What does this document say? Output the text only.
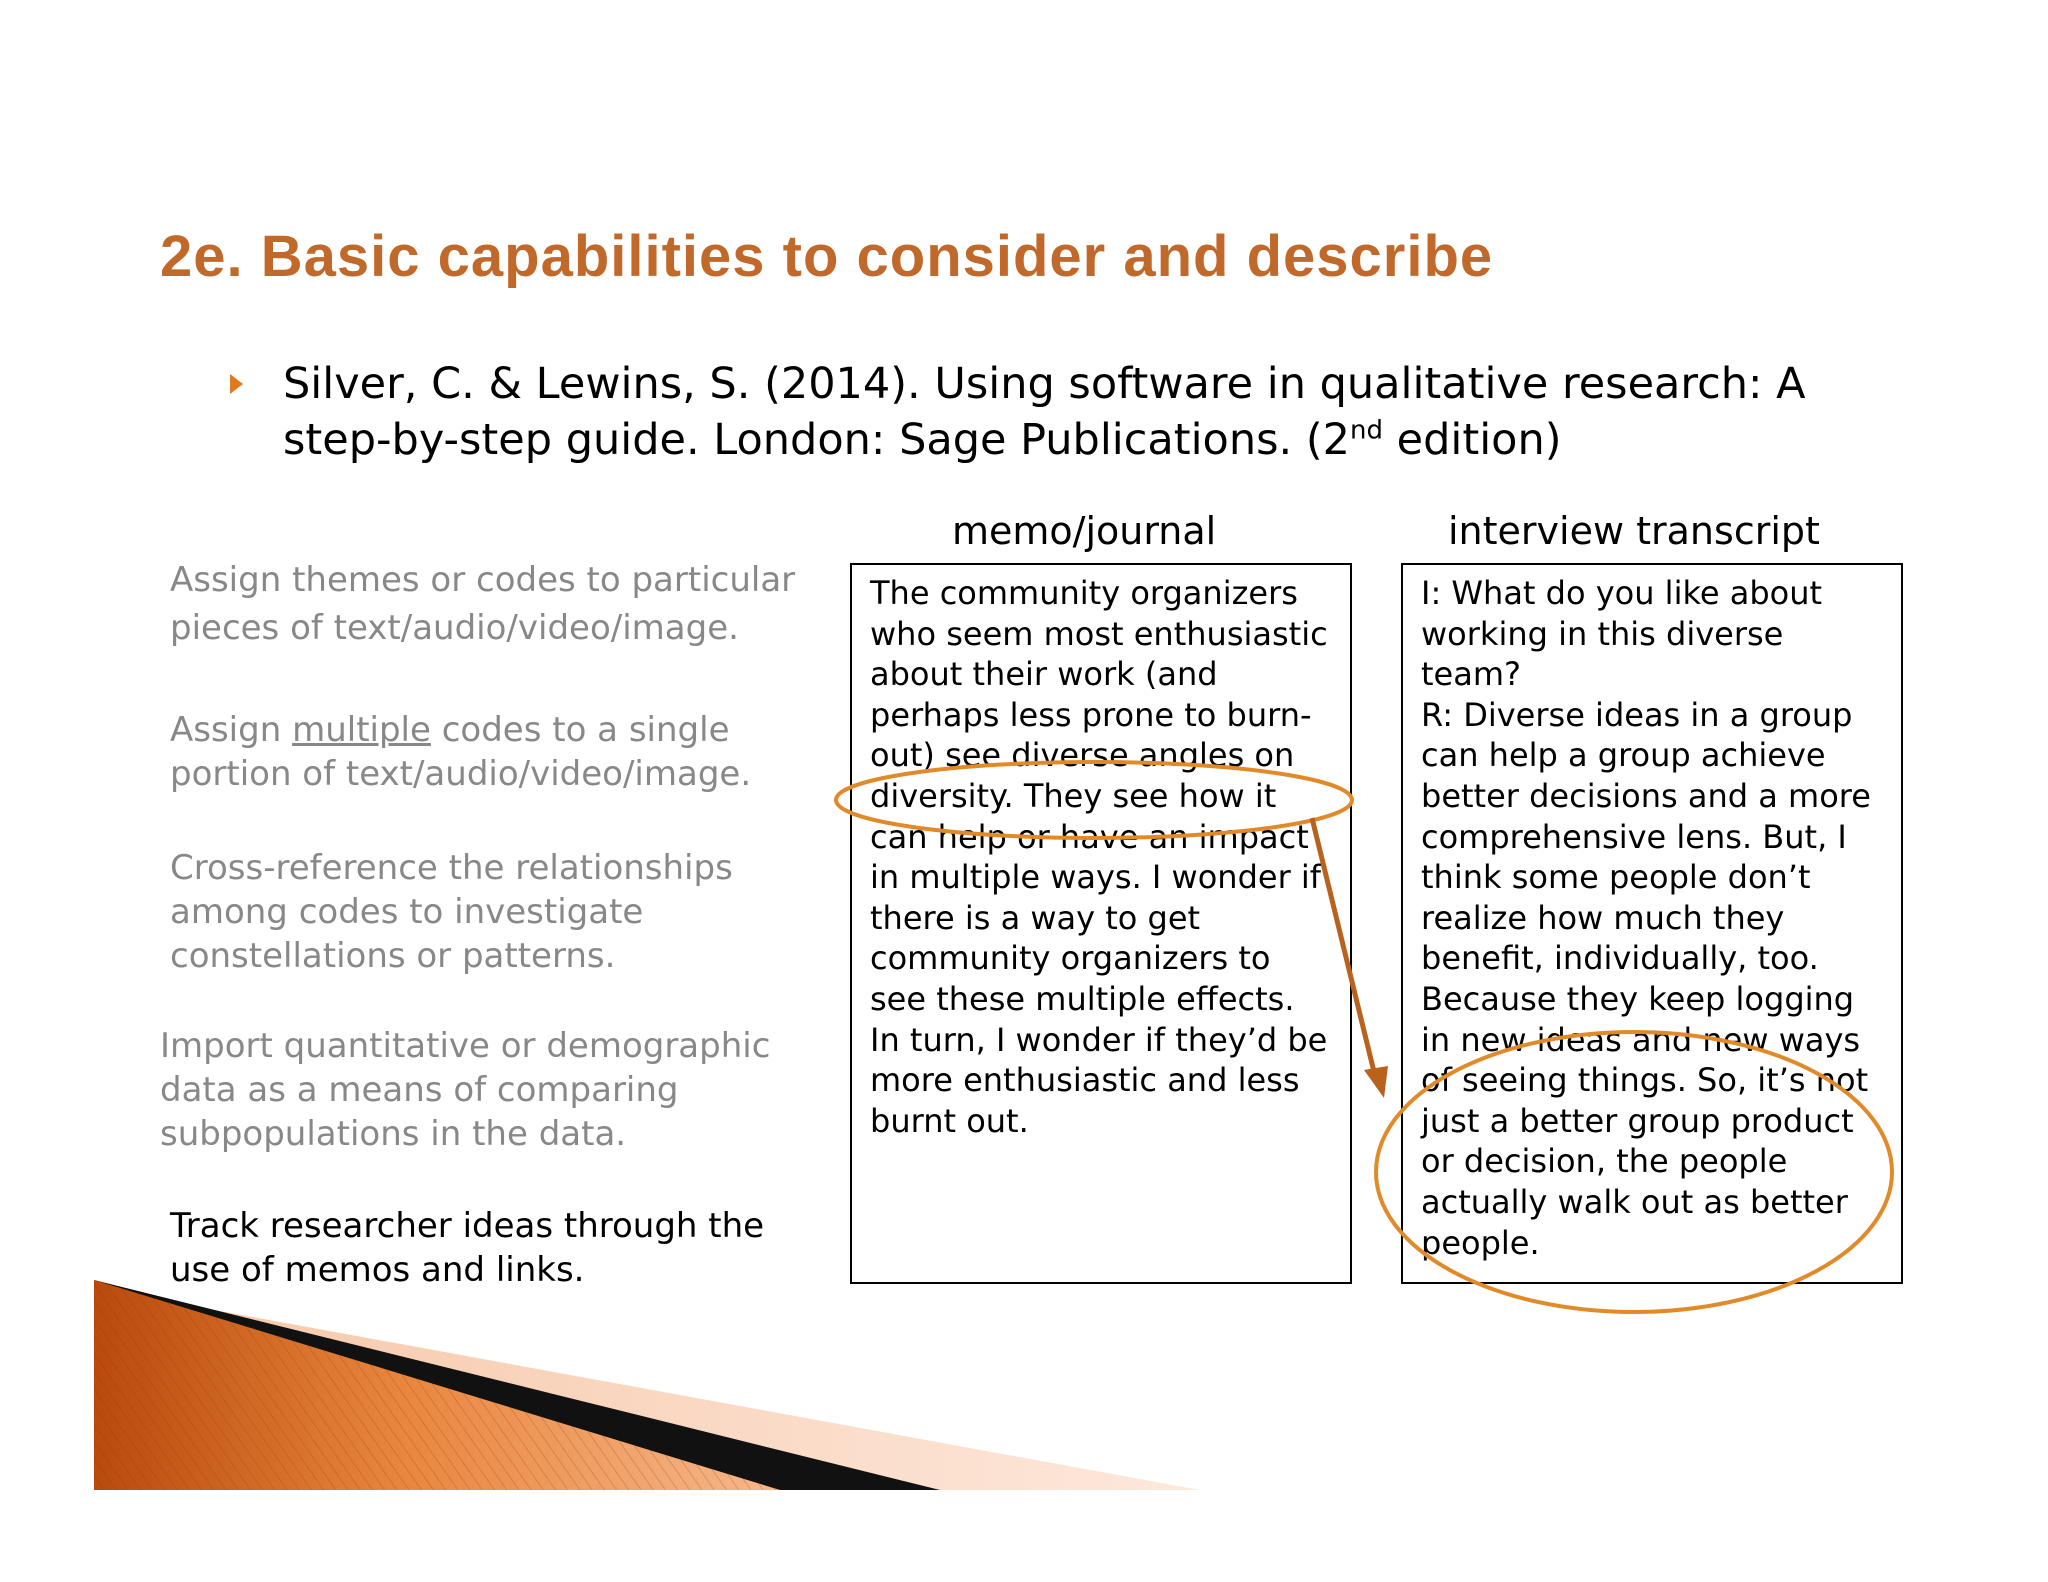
2e. Basic capabilities to consider and describe
Silver, C. & Lewins, S. (2014). Using software in qualitative research: A step-by-step guide. London: Sage Publications. (2nd edition)
Assign themes or codes to particular pieces of text/audio/video/image.
Assign multiple codes to a single portion of text/audio/video/image.
Cross-reference the relationships among codes to investigate constellations or patterns.
Import quantitative or demographic data as a means of comparing subpopulations in the data.
Track researcher ideas through the use of memos and links.
memo/journal	interview transcript

The community organizers who seem most enthusiastic about their work (and perhaps less prone to burn-out) see diverse angles on diversity. They see how it can help or have an impact in multiple ways. I wonder if there is a way to get community organizers to see these multiple effects. In turn, I wonder if they’d be more enthusiastic and less burnt out.

I: What do you like about working in this diverse team?

R: Diverse ideas in a group can help a group achieve better decisions and a more comprehensive lens. But, I think some people don’t realize how much they benefit, individually, too. Because they keep logging in new ideas and new ways of seeing things. So, it’s not just a better group product or decision, the people actually walk out as better people.
